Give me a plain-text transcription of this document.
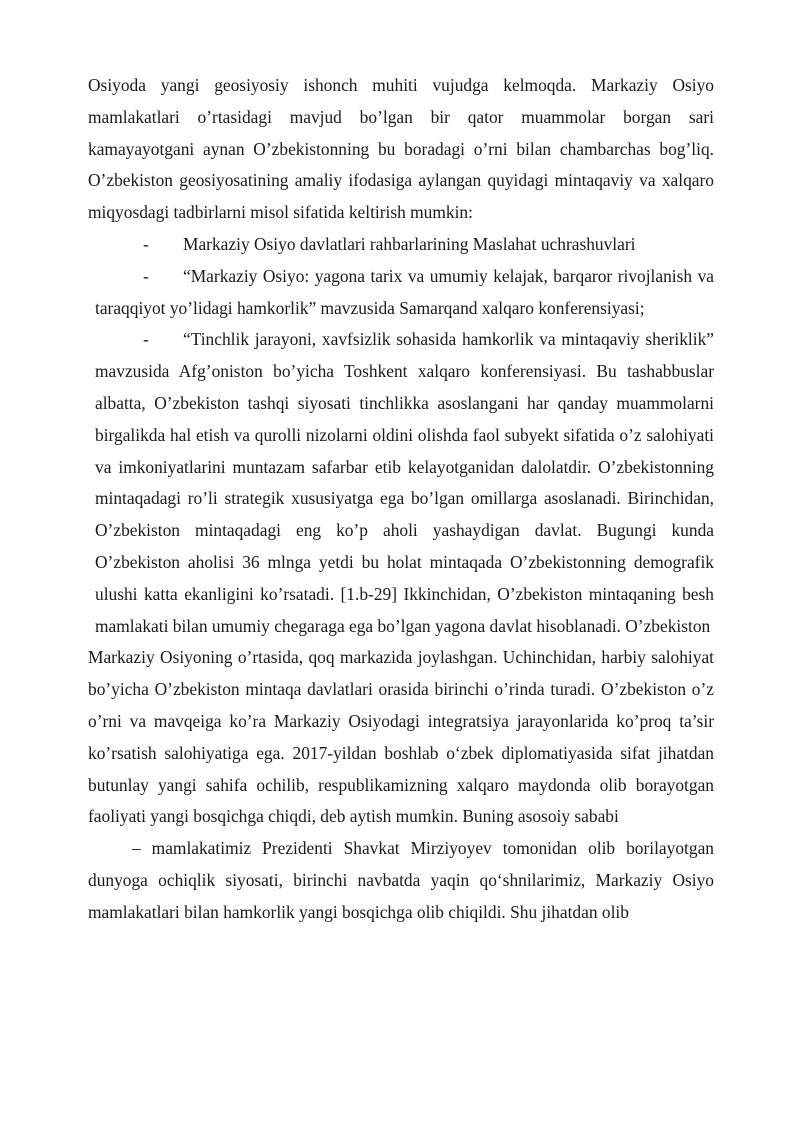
Osiyoda yangi geosiyosiy ishonch muhiti vujudga kelmoqda. Markaziy Osiyo mamlakatlari o’rtasidagi mavjud bo’lgan bir qator muammolar borgan sari kamayayotgani aynan O’zbekistonning bu boradagi o’rni bilan chambarchas bog’liq. O’zbekiston geosiyosatining amaliy ifodasiga aylangan quyidagi mintaqaviy va xalqaro miqyosdagi tadbirlarni misol sifatida keltirish mumkin:

- Markaziy Osiyo davlatlari rahbarlarining Maslahat uchrashuvlari
-	“Markaziy Osiyo: yagona tarix va umumiy kelajak, barqaror rivojlanish va taraqqiyot yo’lidagi hamkorlik” mavzusida Samarqand xalqaro konferensiyasi;
-	“Tinchlik jarayoni, xavfsizlik sohasida hamkorlik va mintaqaviy sheriklik” mavzusida Afg’oniston bo’yicha Toshkent xalqaro konferensiyasi. Bu tashabbuslar albatta, O’zbekiston tashqi siyosati tinchlikka asoslangani har qanday muammolarni birgalikda hal etish va qurolli nizolarni oldini olishda faol subyekt sifatida o’z salohiyati va imkoniyatlarini muntazam safarbar etib kelayotganidan dalolatdir. O’zbekistonning mintaqadagi ro’li strategik xususiyatga ega bo’lgan omillarga asoslanadi. Birinchidan, O’zbekiston mintaqadagi eng ko’p aholi yashaydigan davlat. Bugungi kunda O’zbekiston aholisi 36 mlnga yetdi bu holat mintaqada O’zbekistonning demografik ulushi katta ekanligini ko’rsatadi. [1.b-29] Ikkinchidan, O’zbekiston mintaqaning besh mamlakati bilan umumiy chegaraga ega bo’lgan yagona davlat hisoblanadi. O’zbekiston

Markaziy Osiyoning o’rtasida, qoq markazida joylashgan. Uchinchidan, harbiy salohiyat bo’yicha O’zbekiston mintaqa davlatlari orasida birinchi o’rinda turadi. O’zbekiston o’z o’rni va mavqeiga ko’ra Markaziy Osiyodagi integratsiya jarayonlarida ko’proq ta’sir ko’rsatish salohiyatiga ega. 2017-yildan boshlab o‘zbek diplomatiyasida sifat jihatdan butunlay yangi sahifa ochilib, respublikamizning xalqaro maydonda olib borayotgan faoliyati yangi bosqichga chiqdi, deb aytish mumkin. Buning asosoiy sababi

– mamlakatimiz Prezidenti Shavkat Mirziyoyev tomonidan olib borilayotgan dunyoga ochiqlik siyosati, birinchi navbatda yaqin qo‘shnilarimiz, Markaziy Osiyo mamlakatlari bilan hamkorlik yangi bosqichga olib chiqildi. Shu jihatdan olib
